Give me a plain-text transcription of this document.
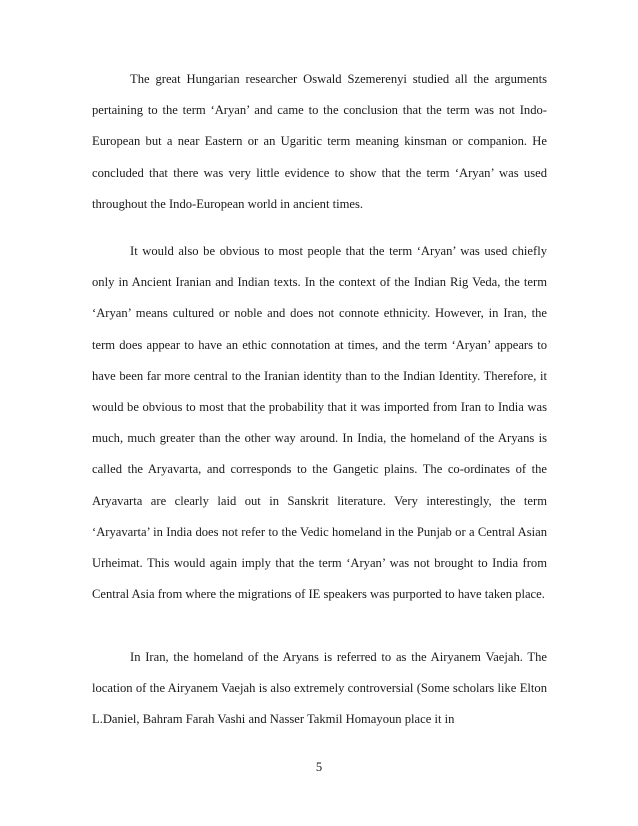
The great Hungarian researcher Oswald Szemerenyi studied all the arguments pertaining to the term ‘Aryan’ and came to the conclusion that the term was not Indo-European but a near Eastern or an Ugaritic term meaning kinsman or companion. He concluded that there was very little evidence to show that the term ‘Aryan’ was used throughout the Indo-European world in ancient times.

It would also be obvious to most people that the term ‘Aryan’ was used chiefly only in Ancient Iranian and Indian texts. In the context of the Indian Rig Veda, the term ‘Aryan’ means cultured or noble and does not connote ethnicity. However, in Iran, the term does appear to have an ethic connotation at times, and the term ‘Aryan’ appears to have been far more central to the Iranian identity than to the Indian Identity. Therefore, it would be obvious to most that the probability that it was imported from Iran to India was much, much greater than the other way around. In India, the homeland of the Aryans is called the Aryavarta, and corresponds to the Gangetic plains. The co-ordinates of the Aryavarta are clearly laid out in Sanskrit literature. Very interestingly, the term ‘Aryavarta’ in India does not refer to the Vedic homeland in the Punjab or a Central Asian Urheimat. This would again imply that the term ‘Aryan’ was not brought to India from Central Asia from where the migrations of IE speakers was purported to have taken place.

In Iran, the homeland of the Aryans is referred to as the Airyanem Vaejah. The location of the Airyanem Vaejah is also extremely controversial (Some scholars like Elton L.Daniel, Bahram Farah Vashi and Nasser Takmil Homayoun place it in

5
